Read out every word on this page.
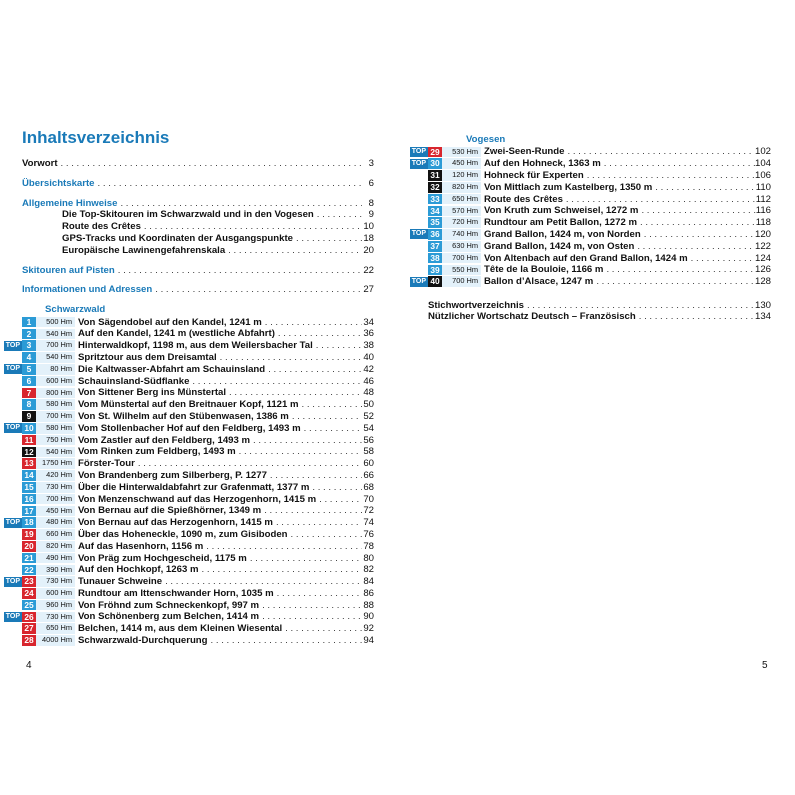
Inhaltsverzeichnis
Vorwort . . .	3
Übersichtskarte . . .	6
Allgemeine Hinweise . . .	8
Die Top-Skitouren im Schwarzwald und in den Vogesen . . .	9
Route des Crêtes . . .	10
GPS-Tracks und Koordinaten der Ausgangspunkte . . .	18
Europäische Lawinengefahrenskala . . .	20
Skitouren auf Pisten . . .	22
Informationen und Adressen . . .	27
Schwarzwald
1	500 Hm Von Sägendobel auf den Kandel, 1241 m . . .	34
2	540 Hm Auf den Kandel, 1241 m (westliche Abfahrt) . . .	36
TOP 3	700 Hm Hinterwaldkopf, 1198 m, aus dem Weilersbacher Tal . . .	38
4	540 Hm Spritztour aus dem Dreisamtal . . .	40
TOP 5	80 Hm Die Kaltwasser-Abfahrt am Schauinsland . . .	42
6	600 Hm Schauinsland-Südflanke . . .	46
7	800 Hm Von Sittener Berg ins Münstertal . . .	48
8	580 Hm Vom Münstertal auf den Breitnauer Kopf, 1121 m . . .	50
9	700 Hm Von St. Wilhelm auf den Stübenwasen, 1386 m . . .	52
TOP 10	580 Hm Vom Stollenbacher Hof auf den Feldberg, 1493 m . . .	54
11	750 Hm Vom Zastler auf den Feldberg, 1493 m . . .	56
12	540 Hm Vom Rinken zum Feldberg, 1493 m . . .	58
13	1750 Hm Förster-Tour . . .	60
14	420 Hm Von Brandenberg zum Silberberg, P. 1277 . . .	66
15	730 Hm Über die Hinterwaldabfahrt zur Grafenmatt, 1377 m . . .	68
16	700 Hm Von Menzenschwand auf das Herzogenhorn, 1415 m . . .	70
17	450 Hm Von Bernau auf die Spießhörner, 1349 m . . .	72
TOP 18	480 Hm Von Bernau auf das Herzogenhorn, 1415 m . . .	74
19	660 Hm Über das Hoheneckle, 1090 m, zum Gisiboden . . .	76
20	820 Hm Auf das Hasenhorn, 1156 m . . .	78
21	490 Hm Von Präg zum Hochgescheid, 1175 m . . .	80
22	390 Hm Auf den Hochkopf, 1263 m . . .	82
TOP 23	730 Hm Tunauer Schweine . . .	84
24	600 Hm Rundtour am Ittenschwander Horn, 1035 m . . .	86
25	960 Hm Von Fröhnd zum Schneckenkopf, 997 m . . .	88
TOP 26	730 Hm Von Schönenberg zum Belchen, 1414 m . . .	90
27	650 Hm Belchen, 1414 m, aus dem Kleinen Wiesental . . .	92
28	4000 Hm Schwarzwald-Durchquerung . . .	94
Vogesen
TOP 29	530 Hm Zwei-Seen-Runde . . .	102
TOP 30	450 Hm Auf den Hohneck, 1363 m . . .	104
31	120 Hm Hohneck für Experten . . .	106
32	820 Hm Von Mittlach zum Kastelberg, 1350 m . . .	110
33	650 Hm Route des Crêtes . . .	112
34	570 Hm Von Kruth zum Schweisel, 1272 m . . .	116
35	720 Hm Rundtour am Petit Ballon, 1272 m . . .	118
TOP 36	740 Hm Grand Ballon, 1424 m, von Norden . . .	120
37	630 Hm Grand Ballon, 1424 m, von Osten . . .	122
38	700 Hm Von Altenbach auf den Grand Ballon, 1424 m . . .	124
39	550 Hm Tête de la Bouloie, 1166 m . . .	126
TOP 40	700 Hm Ballon d’Alsace, 1247 m . . .	128
Stichwortverzeichnis . . .	130
Nützlicher Wortschatz Deutsch – Französisch . . .	134
4	5
